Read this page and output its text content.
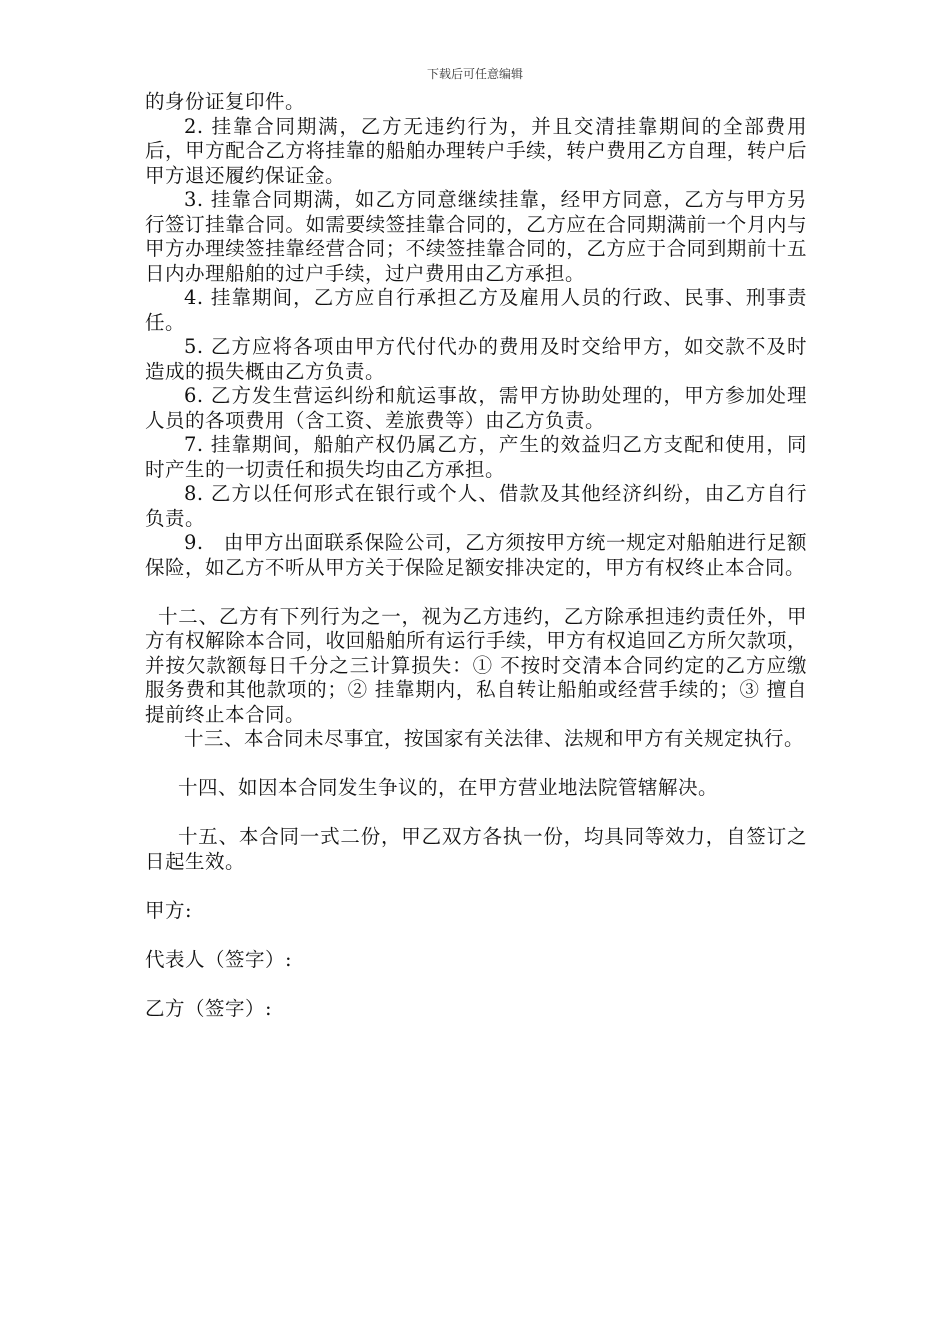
下载后可任意编辑

的身份证复印件。

2. 挂靠合同期满，乙方无违约行为，并且交清挂靠期间的全部费用后，甲方配合乙方将挂靠的船舶办理转户手续，转户费用乙方自理，转户后甲方退还履约保证金。

3. 挂靠合同期满，如乙方同意继续挂靠，经甲方同意，乙方与甲方另行签订挂靠合同。如需要续签挂靠合同的，乙方应在合同期满前一个月内与甲方办理续签挂靠经营合同；不续签挂靠合同的，乙方应于合同到期前十五日内办理船舶的过户手续，过户费用由乙方承担。

4. 挂靠期间，乙方应自行承担乙方及雇用人员的行政、民事、刑事责任。

5. 乙方应将各项由甲方代付代办的费用及时交给甲方，如交款不及时造成的损失概由乙方负责。

6. 乙方发生营运纠纷和航运事故，需甲方协助处理的，甲方参加处理人员的各项费用（含工资、差旅费等）由乙方负责。

7. 挂靠期间，船舶产权仍属乙方，产生的效益归乙方支配和使用，同时产生的一切责任和损失均由乙方承担。

8. 乙方以任何形式在银行或个人、借款及其他经济纠纷，由乙方自行负责。

9.　由甲方出面联系保险公司，乙方须按甲方统一规定对船舶进行足额保险，如乙方不听从甲方关于保险足额安排决定的，甲方有权终止本合同。

十二、乙方有下列行为之一，视为乙方违约，乙方除承担违约责任外，甲方有权解除本合同，收回船舶所有运行手续，甲方有权追回乙方所欠款项，并按欠款额每日千分之三计算损失：① 不按时交清本合同约定的乙方应缴服务费和其他款项的；② 挂靠期内，私自转让船舶或经营手续的；③ 擅自提前终止本合同。

十三、本合同未尽事宜，按国家有关法律、法规和甲方有关规定执行。

十四、如因本合同发生争议的，在甲方营业地法院管辖解决。

十五、本合同一式二份，甲乙双方各执一份，均具同等效力，自签订之日起生效。

甲方:

代表人（签字）:

乙方（签字）:
